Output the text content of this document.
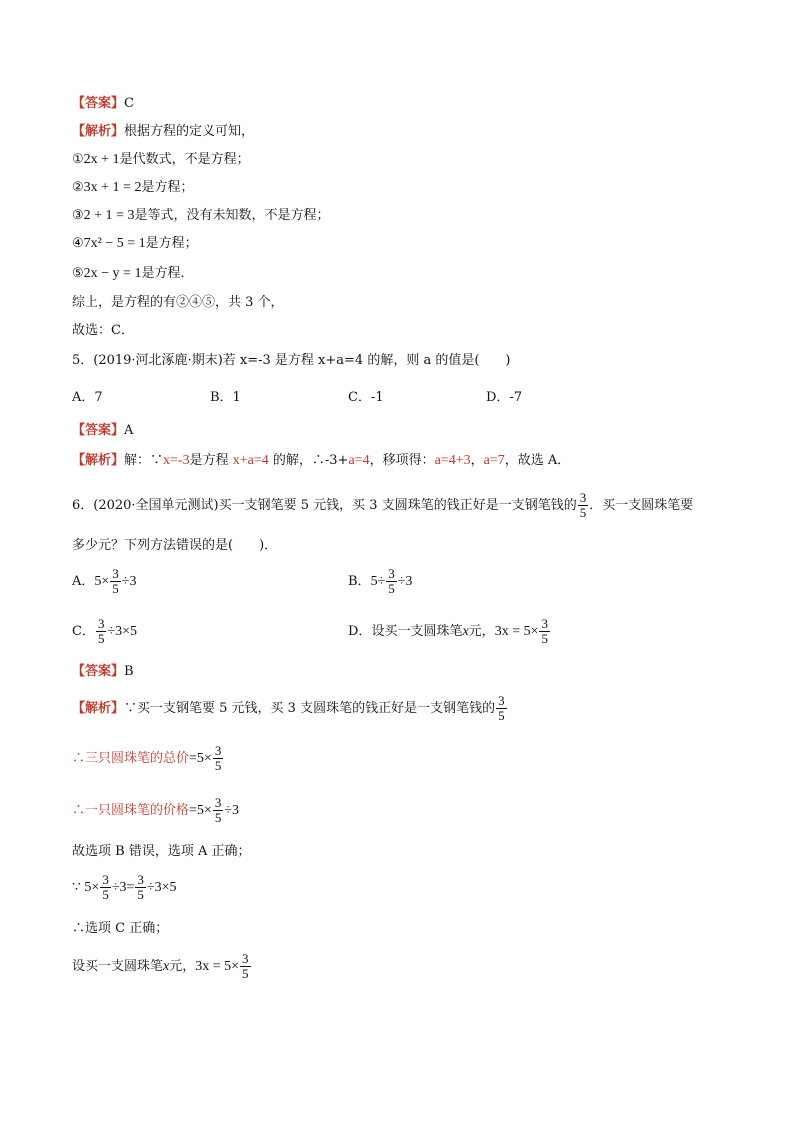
【答案】C
【解析】根据方程的定义可知，
①2x + 1是代数式，不是方程；
②3x + 1 = 2是方程；
③2 + 1 = 3是等式，没有未知数，不是方程；
④7x² − 5 = 1是方程；
⑤2x − y = 1是方程．
综上，是方程的有②④⑤，共 3 个，
故选：C．
5．(2019·河北涿鹿·期末)若 x=-3 是方程 x+a=4 的解，则 a 的值是(　　)
A．7	B．1	C．-1	D．-7
【答案】A
【解析】解：∵x=-3是方程 x+a=4 的解，∴-3+a=4，移项得：a=4+3，a=7，故选 A．
6．(2020·全国单元测试)买一支钢笔要 5 元钱，买 3 支圆珠笔的钱正好是一支钢笔钱的 $\frac{3}{5}$ ．买一支圆珠笔要
多少元？下列方法错误的是(　　)．
A．$5\times \frac{3}{5} \div 3$	B．$5\div \frac{3}{5} \div 3$
C． $\frac{3}{5} \div 3\times 5$	D．设买一支圆珠笔x元，$3x = 5\times \frac{3}{5}$
【答案】B
【解析】∵买一支钢笔要 5 元钱，买 3 支圆珠笔的钱正好是一支钢笔钱的 $\frac{3}{5}$
∴三只圆珠笔的总价$=5\times \frac{3}{5}$
∴一只圆珠笔的价格$=5\times \frac{3}{5} \div 3$
故选项 B 错误，选项 A 正确；
∵ $5\times \frac{3}{5} \div 3= \frac{3}{5} \div 3\times 5$
∴选项 C 正确；
设买一支圆珠笔x元，$3x = 5\times \frac{3}{5}$
